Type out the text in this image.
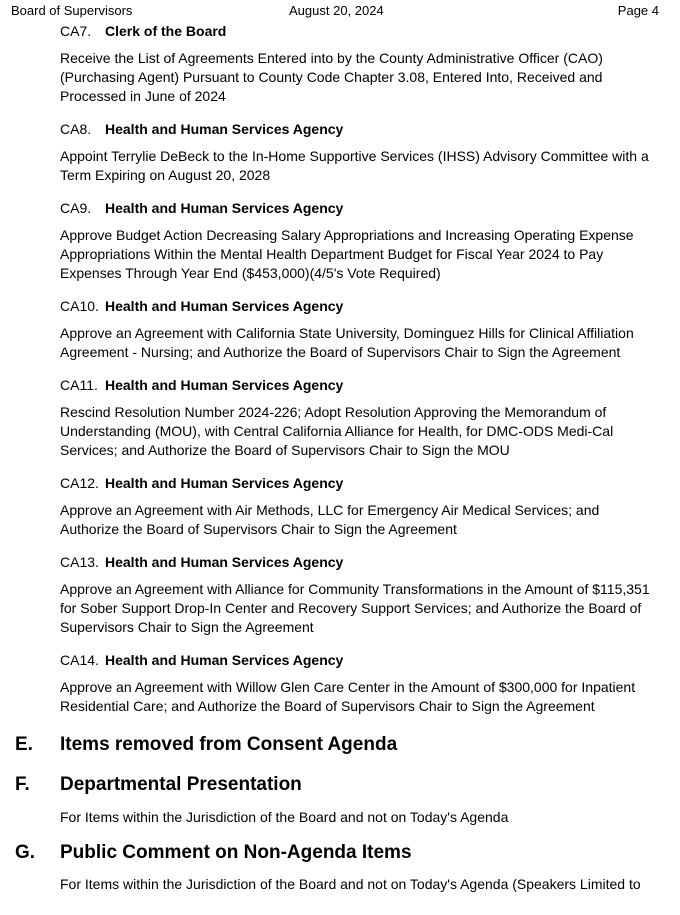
Board of Supervisors	August 20, 2024	Page 4
CA7. Clerk of the Board
Receive the List of Agreements Entered into by the County Administrative Officer (CAO) (Purchasing Agent) Pursuant to County Code Chapter 3.08, Entered Into, Received and Processed in June of 2024
CA8. Health and Human Services Agency
Appoint Terrylie DeBeck to the In-Home Supportive Services (IHSS) Advisory Committee with a Term Expiring on August 20, 2028
CA9. Health and Human Services Agency
Approve Budget Action Decreasing Salary Appropriations and Increasing Operating Expense Appropriations Within the Mental Health Department Budget for Fiscal Year 2024 to Pay Expenses Through Year End ($453,000)(4/5's Vote Required)
CA10. Health and Human Services Agency
Approve an Agreement with California State University, Dominguez Hills for Clinical Affiliation Agreement - Nursing; and Authorize the Board of Supervisors Chair to Sign the Agreement
CA11. Health and Human Services Agency
Rescind Resolution Number 2024-226; Adopt Resolution Approving the Memorandum of Understanding (MOU), with Central California Alliance for Health, for DMC-ODS Medi-Cal Services; and Authorize the Board of Supervisors Chair to Sign the MOU
CA12. Health and Human Services Agency
Approve an Agreement with Air Methods, LLC for Emergency Air Medical Services; and Authorize the Board of Supervisors Chair to Sign the Agreement
CA13. Health and Human Services Agency
Approve an Agreement with Alliance for Community Transformations in the Amount of $115,351 for Sober Support Drop-In Center and Recovery Support Services; and Authorize the Board of Supervisors Chair to Sign the Agreement
CA14. Health and Human Services Agency
Approve an Agreement with Willow Glen Care Center in the Amount of $300,000 for Inpatient Residential Care; and Authorize the Board of Supervisors Chair to Sign the Agreement
E. Items removed from Consent Agenda
F. Departmental Presentation
For Items within the Jurisdiction of the Board and not on Today's Agenda
G. Public Comment on Non-Agenda Items
For Items within the Jurisdiction of the Board and not on Today's Agenda (Speakers Limited to
